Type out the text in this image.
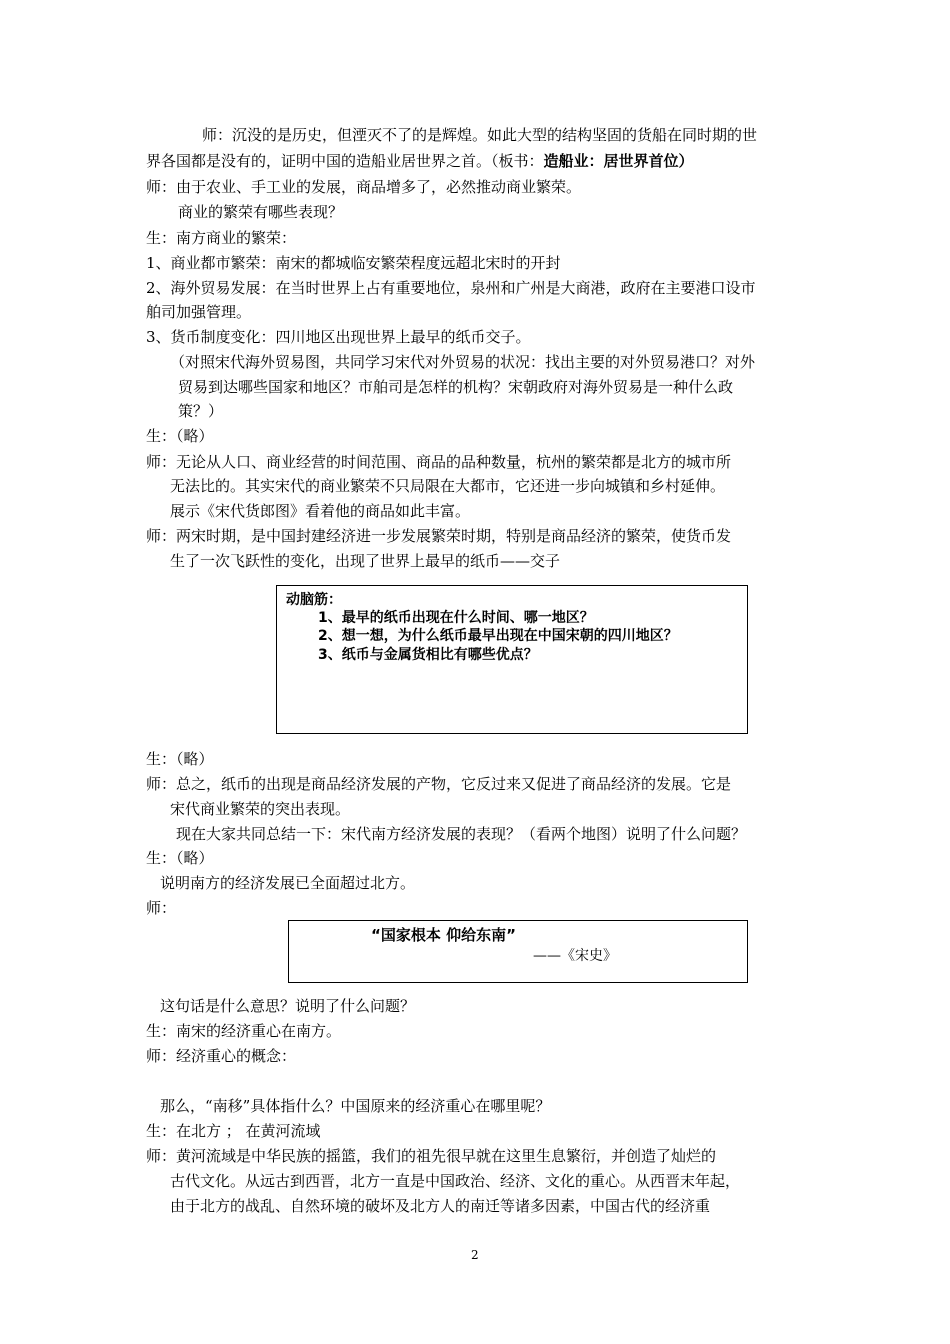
师：沉没的是历史，但湮灭不了的是辉煌。如此大型的结构坚固的货船在同时期的世
界各国都是没有的，证明中国的造船业居世界之首。（板书：造船业：居世界首位）
师：由于农业、手工业的发展，商品增多了，必然推动商业繁荣。
商业的繁荣有哪些表现？
生：南方商业的繁荣：
1、商业都市繁荣：南宋的都城临安繁荣程度远超北宋时的开封
2、海外贸易发展：在当时世界上占有重要地位，泉州和广州是大商港，政府在主要港口设市
舶司加强管理。
3、货币制度变化：四川地区出现世界上最早的纸币交子。
（对照宋代海外贸易图，共同学习宋代对外贸易的状况：找出主要的对外贸易港口？对外
贸易到达哪些国家和地区？市舶司是怎样的机构？宋朝政府对海外贸易是一种什么政
策？）
生：（略）
师：无论从人口、商业经营的时间范围、商品的品种数量，杭州的繁荣都是北方的城市所
无法比的。其实宋代的商业繁荣不只局限在大都市，它还进一步向城镇和乡村延伸。
展示《宋代货郎图》看着他的商品如此丰富。
师：两宋时期，是中国封建经济进一步发展繁荣时期，特别是商品经济的繁荣，使货币发
生了一次飞跃性的变化，出现了世界上最早的纸币——交子
动脑筋：
1、最早的纸币出现在什么时间、哪一地区？
2、想一想，为什么纸币最早出现在中国宋朝的四川地区？
3、纸币与金属货相比有哪些优点？
生：（略）
师：总之，纸币的出现是商品经济发展的产物，它反过来又促进了商品经济的发展。它是
宋代商业繁荣的突出表现。
现在大家共同总结一下：宋代南方经济发展的表现？（看两个地图）说明了什么问题？
生：（略）
说明南方的经济发展已全面超过北方。
师：
“国家根本 仰给东南”
——《宋史》
这句话是什么意思？说明了什么问题？
生：南宋的经济重心在南方。
师：经济重心的概念：
那么，“南移”具体指什么？中国原来的经济重心在哪里呢？
生：在北方 ； 在黄河流域
师：黄河流域是中华民族的摇篮，我们的祖先很早就在这里生息繁衍，并创造了灿烂的
古代文化。从远古到西晋，北方一直是中国政治、经济、文化的重心。从西晋末年起，
由于北方的战乱、自然环境的破坏及北方人的南迁等诸多因素，中国古代的经济重
2
